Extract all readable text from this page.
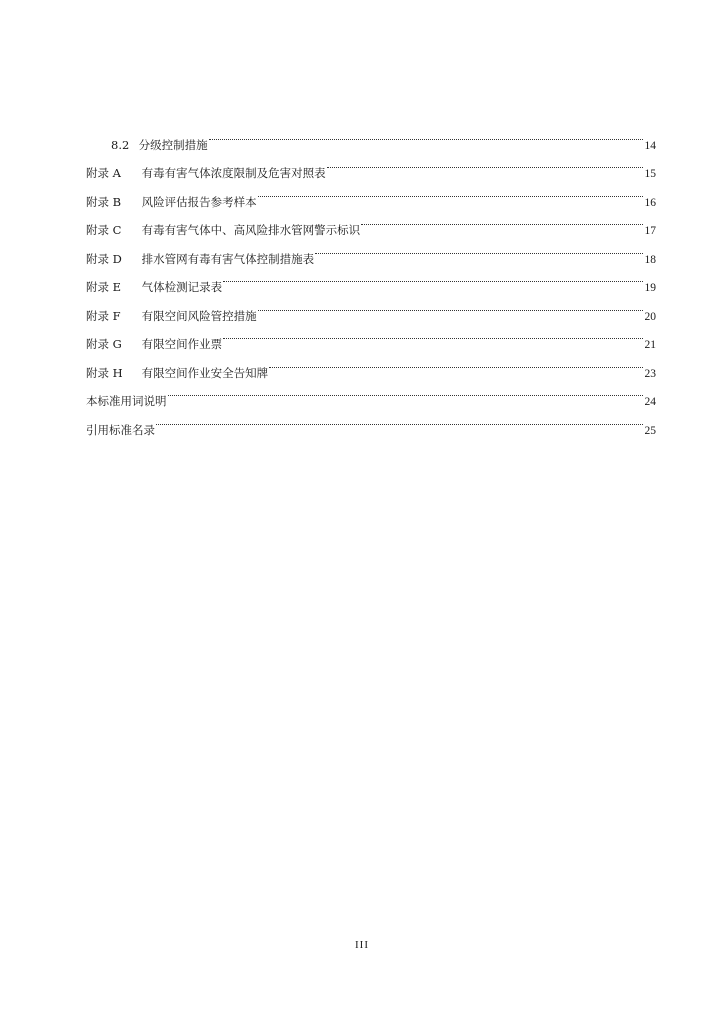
8.2 分级控制措施	14
附录 A 有毒有害气体浓度限制及危害对照表	15
附录 B 风险评估报告参考样本	16
附录 C 有毒有害气体中、高风险排水管网警示标识	17
附录 D 排水管网有毒有害气体控制措施表	18
附录 E 气体检测记录表	19
附录 F 有限空间风险管控措施	20
附录 G 有限空间作业票	21
附录 H 有限空间作业安全告知牌	23
本标准用词说明	24
引用标准名录	25
III
